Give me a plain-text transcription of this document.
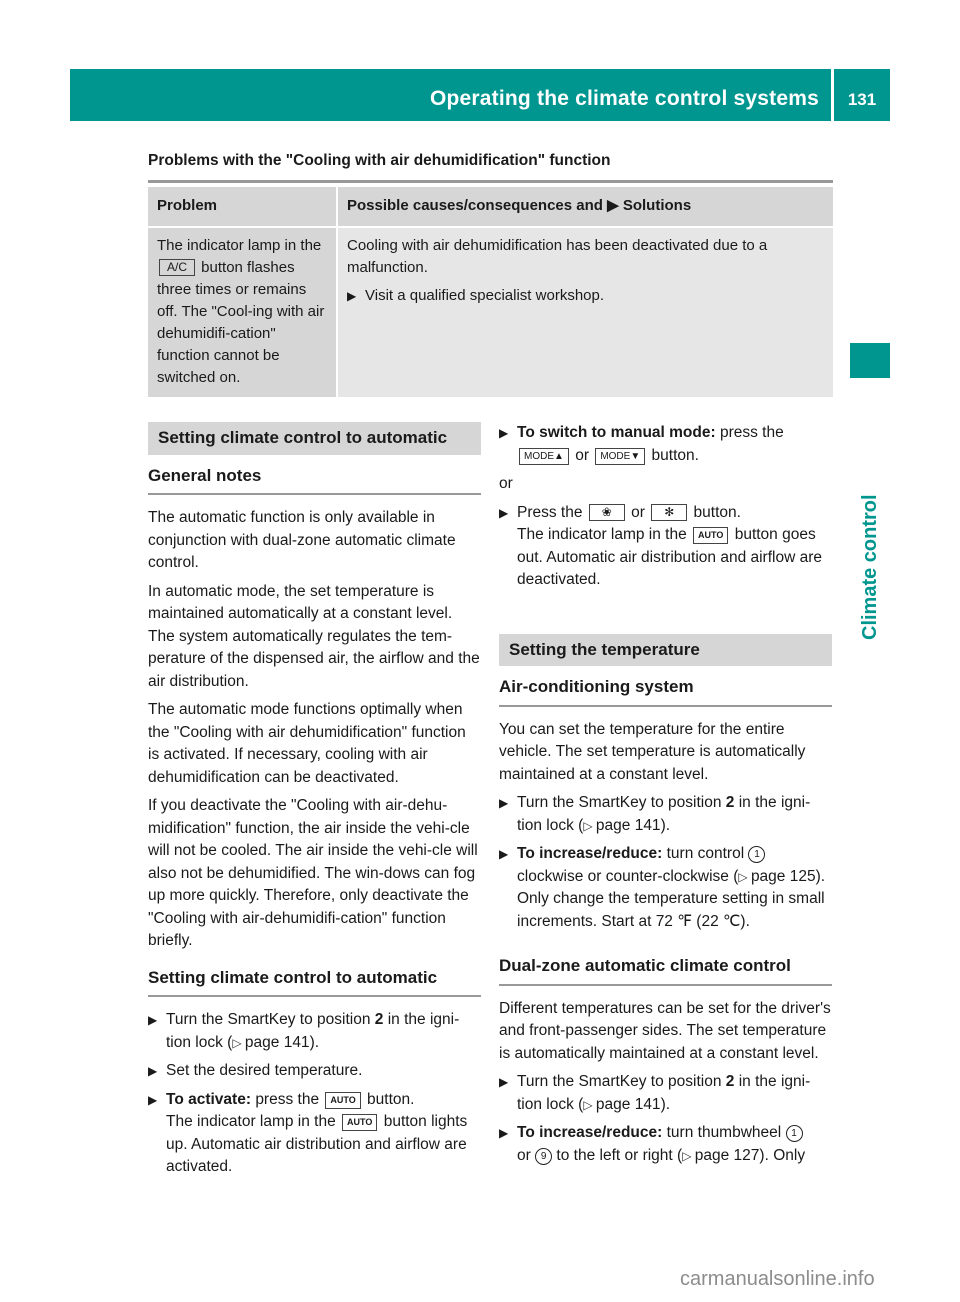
Operating the climate control systems	131
Climate control
Problems with the "Cooling with air dehumidification" function
Problem	Possible causes/consequences and ▶ Solutions
The indicator lamp in the A/C button flashes three times or remains off. The "Cool-ing with air dehumidifi-cation" function cannot be switched on.	Cooling with air dehumidification has been deactivated due to a malfunction.

▶ Visit a qualified specialist workshop.
Setting climate control to automatic
General notes

The automatic function is only available in conjunction with dual-zone automatic climate control.

In automatic mode, the set temperature is maintained automatically at a constant level. The system automatically regulates the tem-perature of the dispensed air, the airflow and the air distribution.

The automatic mode functions optimally when the "Cooling with air dehumidification" function is activated. If necessary, cooling with air dehumidification can be deactivated.

If you deactivate the "Cooling with air-dehu-midification" function, the air inside the vehi-cle will not be cooled. The air inside the vehi-cle will also not be dehumidified. The win-dows can fog up more quickly. Therefore, only deactivate the "Cooling with air-dehumidifi-cation" function briefly.

Setting climate control to automatic
▶ Turn the SmartKey to position 2 in the igni-tion lock (▷ page 141).
▶ Set the desired temperature.
▶ To activate: press the AUTO button.
The indicator lamp in the AUTO button lights up. Automatic air distribution and airflow are activated.
▶ To switch to manual mode: press the
MODE▲ or MODE▼ button.

or

▶ Press the ❀ or ✻ button.
The indicator lamp in the AUTO button goes out. Automatic air distribution and airflow are deactivated.
Setting the temperature
Air-conditioning system

You can set the temperature for the entire vehicle. The set temperature is automatically maintained at a constant level.

▶ Turn the SmartKey to position 2 in the igni-tion lock (▷ page 141).
▶ To increase/reduce: turn control 1 clockwise or counter-clockwise (▷ page 125). Only change the temperature setting in small increments. Start at 72 ℉ (22 ℃).
Dual-zone automatic climate control

Different temperatures can be set for the driver's and front-passenger sides. The set temperature is automatically maintained at a constant level.

▶ Turn the SmartKey to position 2 in the igni-tion lock (▷ page 141).
▶ To increase/reduce: turn thumbwheel 1
or 9 to the left or right (▷ page 127). Only
carmanualsonline.info
